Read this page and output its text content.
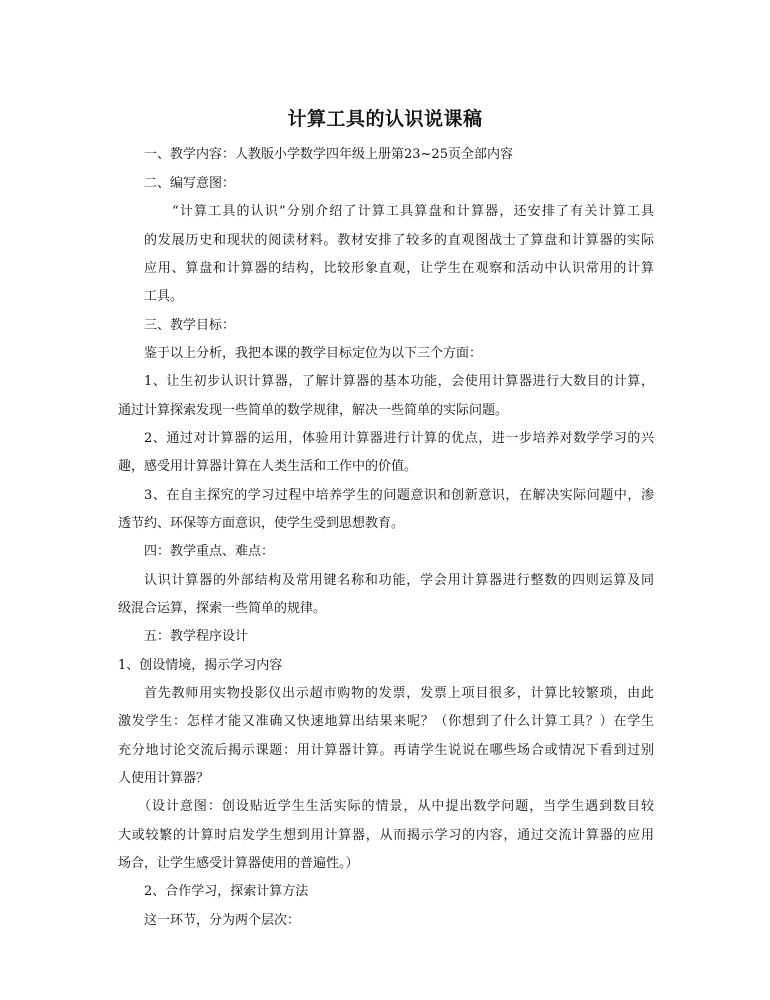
计算工具的认识说课稿
一、教学内容：人教版小学数学四年级上册第23~25页全部内容
二、编写意图：
“计算工具的认识”分别介绍了计算工具算盘和计算器，还安排了有关计算工具
的发展历史和现状的阅读材料。教材安排了较多的直观图战士了算盘和计算器的实际
应用、算盘和计算器的结构，比较形象直观，让学生在观察和活动中认识常用的计算
工具。
三、教学目标：
鉴于以上分析，我把本课的教学目标定位为以下三个方面：
1、让生初步认识计算器，了解计算器的基本功能，会使用计算器进行大数目的计算，
通过计算探索发现一些简单的数学规律，解决一些简单的实际问题。
2、通过对计算器的运用，体验用计算器进行计算的优点，进一步培养对数学学习的兴
趣，感受用计算器计算在人类生活和工作中的价值。
3、在自主探究的学习过程中培养学生的问题意识和创新意识，在解决实际问题中，渗
透节约、环保等方面意识，使学生受到思想教育。
四：教学重点、难点：
认识计算器的外部结构及常用键名称和功能，学会用计算器进行整数的四则运算及同
级混合运算，探索一些简单的规律。
五：教学程序设计
1、创设情境，揭示学习内容
首先教师用实物投影仪出示超市购物的发票，发票上项目很多，计算比较繁琐，由此
激发学生：怎样才能又准确又快速地算出结果来呢？（你想到了什么计算工具？）在学生
充分地讨论交流后揭示课题：用计算器计算。再请学生说说在哪些场合或情况下看到过别
人使用计算器？
（设计意图：创设贴近学生生活实际的情景，从中提出数学问题，当学生遇到数目较
大或较繁的计算时启发学生想到用计算器，从而揭示学习的内容，通过交流计算器的应用
场合，让学生感受计算器使用的普遍性。）
2、合作学习，探索计算方法
这一环节，分为两个层次：
